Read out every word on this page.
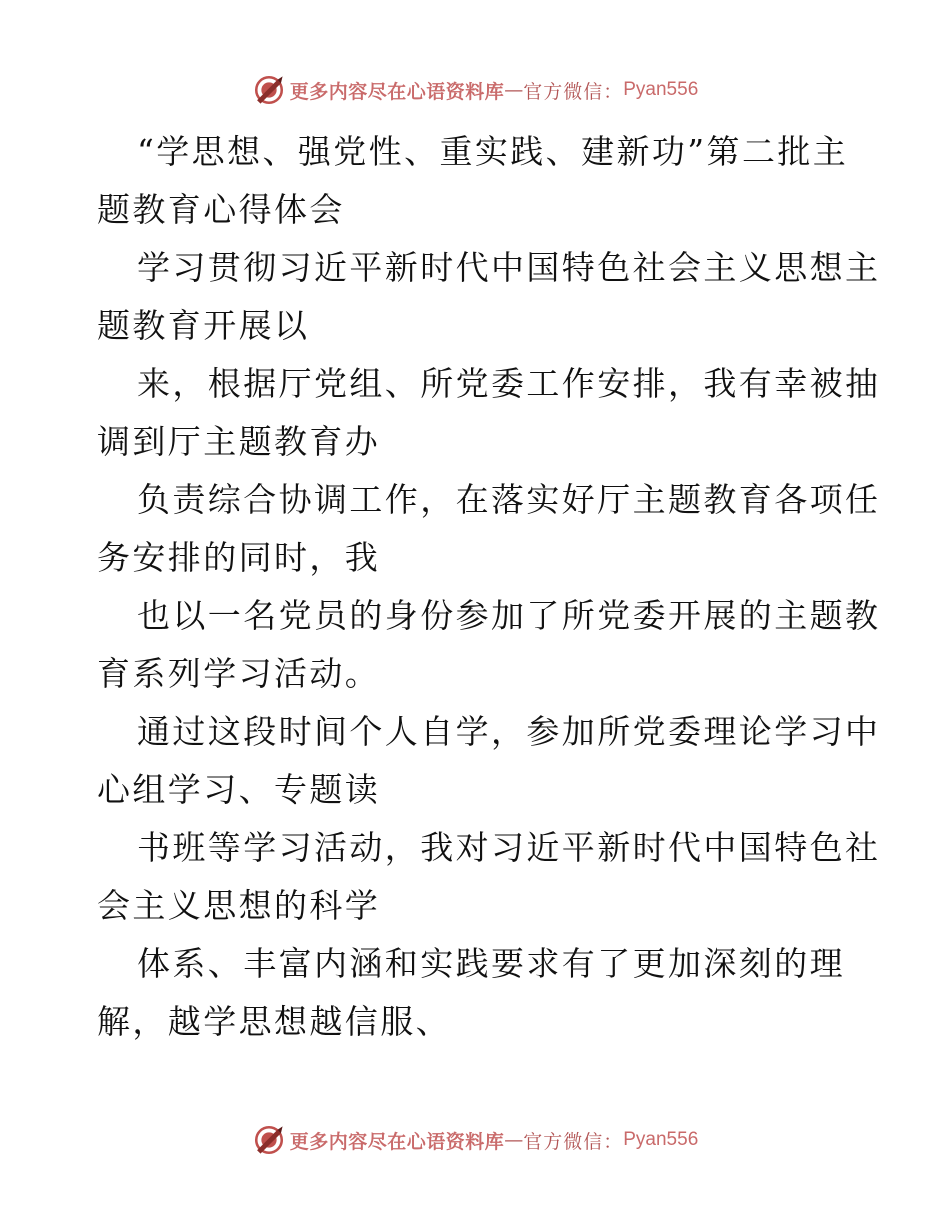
更多内容尽在心语资料库 — 官方微信： Pyan556
“学思想、强党性、重实践、建新功”第二批主
题教育心得体会
学习贯彻习近平新时代中国特色社会主义思想主
题教育开展以
来，根据厅党组、所党委工作安排，我有幸被抽
调到厅主题教育办
负责综合协调工作，在落实好厅主题教育各项任
务安排的同时，我
也以一名党员的身份参加了所党委开展的主题教
育系列学习活动。
通过这段时间个人自学，参加所党委理论学习中
心组学习、专题读
书班等学习活动，我对习近平新时代中国特色社
会主义思想的科学
体系、丰富内涵和实践要求有了更加深刻的理
解，越学思想越信服、
更多内容尽在心语资料库 — 官方微信： Pyan556
